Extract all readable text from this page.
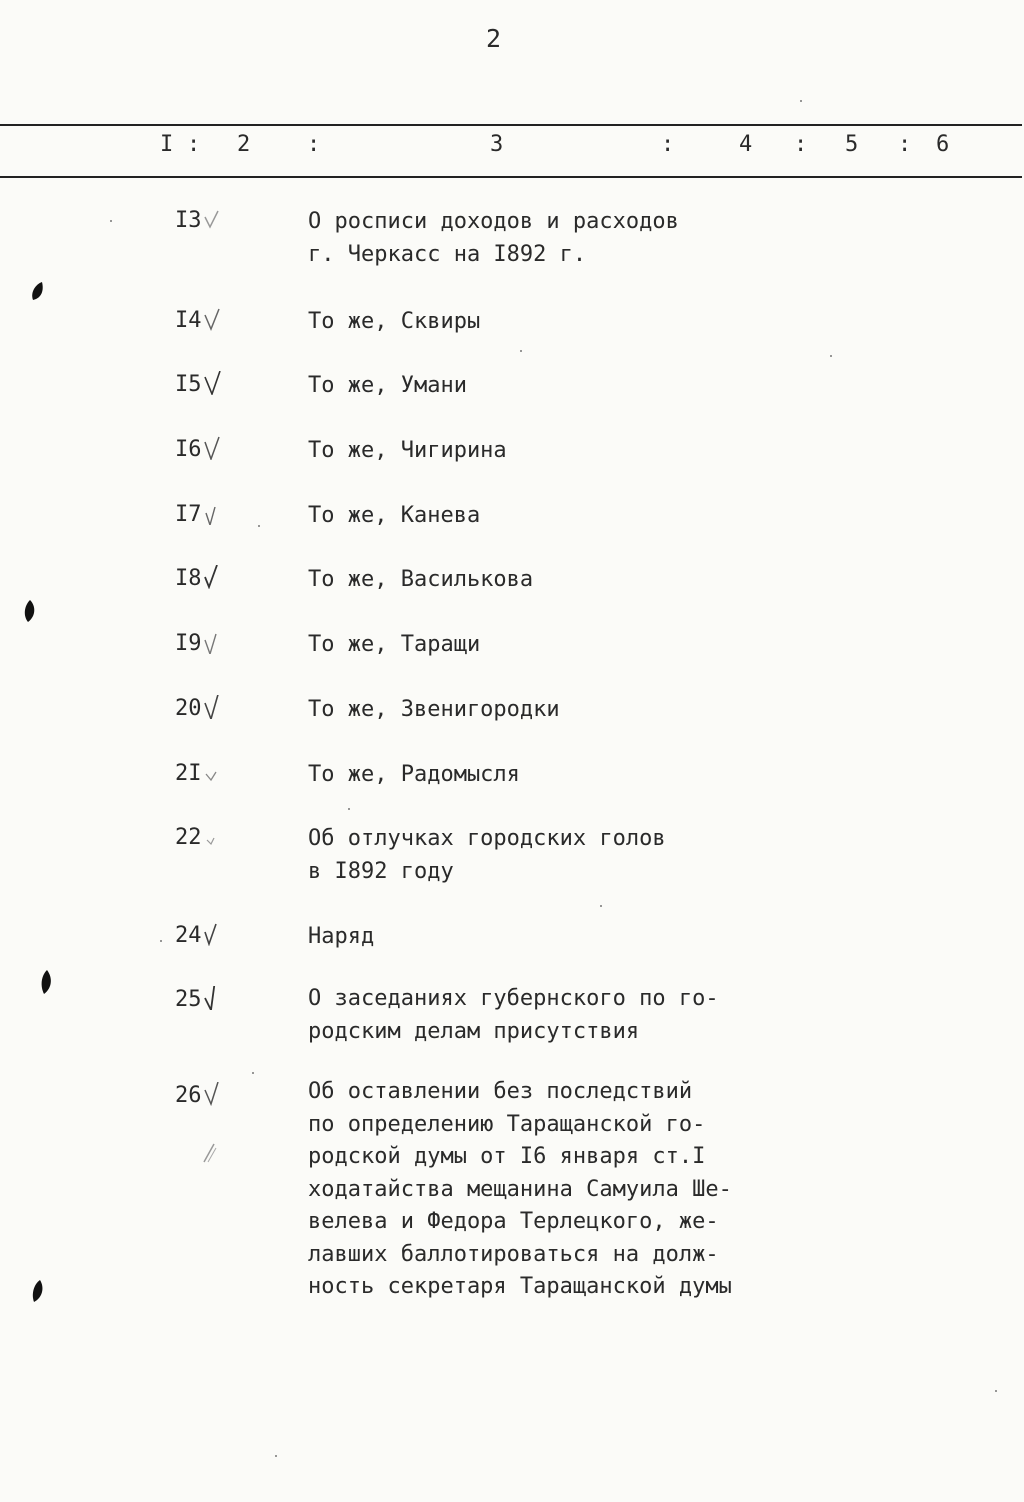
2
I : 2	:	3	:	4 : 5 : 6
I3	О росписи доходов и расходов
г. Черкасс на I892 г.
I4	То же, Сквиры
I5	То же, Умани
I6	То же, Чигирина
I7	То же, Канева
I8	То же, Василькова
I9	То же, Таращи
20	То же, Звенигородки
2I	То же, Радомысля
22	Об отлучках городских голов
в I892 году
24	Наряд
25	О заседаниях губернского по го-
родским делам присутствия
26	Об оставлении без последствий
по определению Таращанской го-
родской думы от I6 января ст.I
ходатайства мещанина Самуила Ше-
велева и Федора Терлецкого, же-
лавших баллотироваться на долж-
ность секретаря Таращанской думы
